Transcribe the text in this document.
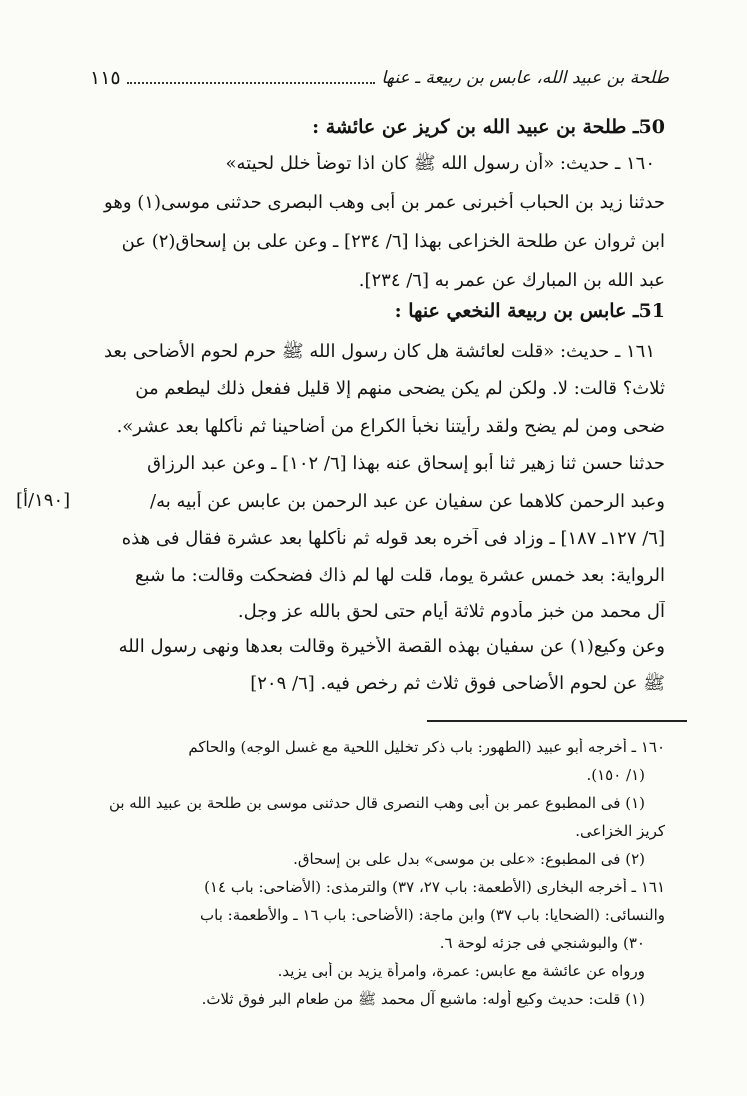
طلحة بن عبيد الله، عابس بن ربيعة ـ عنها
١١٥
50ـ طلحة بن عبيد الله بن كريز عن عائشة :
١٦٠ ـ حديث: «أن رسول الله ﷺ كان اذا توضأ خلل لحيته»
حدثنا زيد بن الحباب أخبرنى عمر بن أبى وهب البصرى حدثنى موسى(١) وهو
ابن ثروان عن طلحة الخزاعى بهذا [٦/ ٢٣٤] ـ وعن على بن إسحاق(٢) عن
عبد الله بن المبارك عن عمر به [٦/ ٢٣٤].
51ـ عابس بن ربيعة النخعي عنها :
١٦١ ـ حديث: «قلت لعائشة هل كان رسول الله ﷺ حرم لحوم الأضاحى بعد
ثلاث؟ قالت: لا. ولكن لم يكن يضحى منهم إلا قليل ففعل ذلك ليطعم من
ضحى ومن لم يضح ولقد رأيتنا نخبأ الكراع من أضاحينا ثم نأكلها بعد عشر».
حدثنا حسن ثنا زهير ثنا أبو إسحاق عنه بهذا [٦/ ١٠٢] ـ وعن عبد الرزاق
وعبد الرحمن كلاهما عن سفيان عن عبد الرحمن بن عابس عن أبيه به/
[٦/ ١٢٧ـ ١٨٧] ـ وزاد فى آخره بعد قوله ثم نأكلها بعد عشرة فقال فى هذه
الرواية: بعد خمس عشرة يوما، قلت لها لم ذاك فضحكت وقالت: ما شبع
آل محمد من خبز مأدوم ثلاثة أيام حتى لحق بالله عز وجل.
وعن وكيع(١) عن سفيان بهذه القصة الأخيرة وقالت بعدها ونهى رسول الله
ﷺ عن لحوم الأضاحى فوق ثلاث ثم رخص فيه. [٦/ ٢٠٩]
[١٩٠/أ]
١٦٠ ـ أخرجه أبو عبيد (الطهور: باب ذكر تخليل اللحية مع غسل الوجه) والحاكم
(١/ ١٥٠).
(١) فى المطبوع عمر بن أبى وهب النصرى قال حدثنى موسى بن طلحة بن عبيد الله بن
كريز الخزاعى.
(٢) فى المطبوع: «على بن موسى» بدل على بن إسحاق.
١٦١ ـ أخرجه البخارى (الأطعمة: باب ٢٧، ٣٧) والترمذى: (الأضاحى: باب ١٤)
والنسائى: (الضحايا: باب ٣٧) وابن ماجة: (الأضاحى: باب ١٦ ـ والأطعمة: باب
٣٠) والبوشنجي فى جزئه لوحة ٦.
ورواه عن عائشة مع عابس: عمرة، وامرأة يزيد بن أبى يزيد.
(١) قلت: حديث وكيع أوله: ماشبع آل محمد ﷺ من طعام البر فوق ثلاث.
